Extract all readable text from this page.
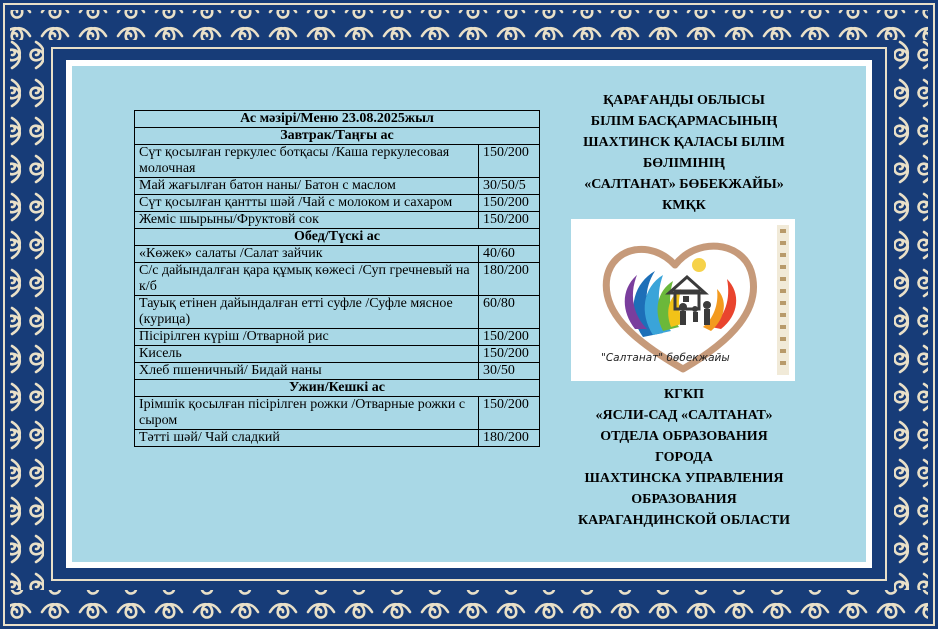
Ас мәзірі/Меню 23.08.2025жыл	
Завтрак/Таңғы ас	
Сүт қосылған геркулес ботқасы /Каша геркулесовая молочная	150/200
Май жағылған батон наны/ Батон с маслом	30/50/5
Сүт қосылған қантты шәй /Чай с молоком и сахаром	150/200
Жеміс шырыны/Фруктовй сок	150/200
Обед/Түскі ас	
«Көжек» салаты /Салат зайчик	40/60
С/с дайындалған қара құмық көжесі /Суп гречневый на к/б	180/200
Тауық етінен дайындалған етті суфле /Суфле мясное (курица)	60/80
Пісірілген күріш /Отварной рис	150/200
Кисель	150/200
Хлеб пшеничный/ Бидай наны	30/50
Ужин/Кешкі ас	
Ірімшік қосылған пісірілген рожки /Отварные рожки с сыром	150/200
Тәтті шәй/ Чай сладкий	180/200
ҚАРАҒАНДЫ ОБЛЫСЫ
БІЛІМ БАСҚАРМАСЫНЫҢ
ШАХТИНСК ҚАЛАСЫ БІЛІМ
БӨЛІМІНІҢ
«САЛТАНАТ» БӨБЕКЖАЙЫ»
КМҚК
"Салтанат" бөбекжайы
КГКП
«ЯСЛИ-САД «САЛТАНАТ»
ОТДЕЛА ОБРАЗОВАНИЯ
ГОРОДА
ШАХТИНСКА УПРАВЛЕНИЯ
ОБРАЗОВАНИЯ
КАРАГАНДИНСКОЙ ОБЛАСТИ
